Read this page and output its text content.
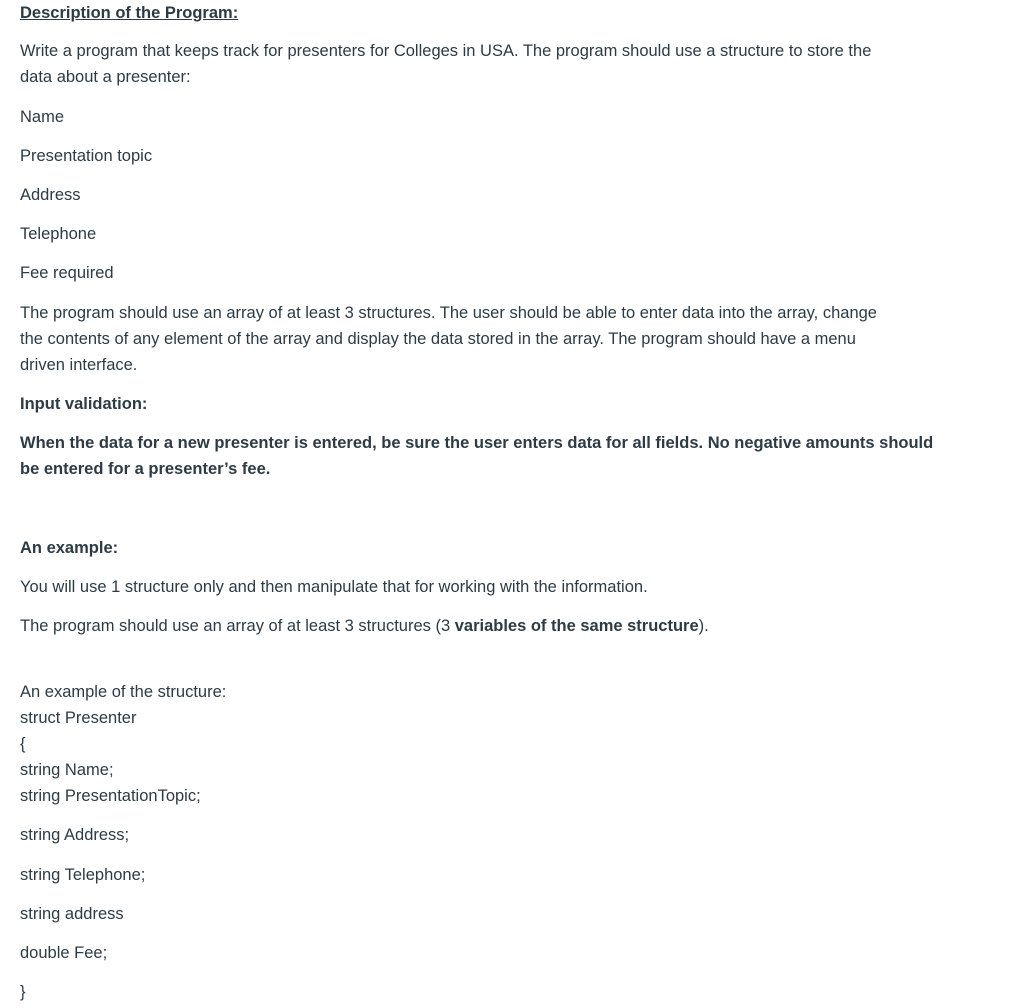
Description of the Program:

Write a program that keeps track for presenters for Colleges in USA. The program should use a structure to store the

data about a presenter:

Name

Presentation topic

Address

Telephone

Fee required

The program should use an array of at least 3 structures. The user should be able to enter data into the array, change

the contents of any element of the array and display the data stored in the array. The program should have a menu

driven interface.

Input validation:

When the data for a new presenter is entered, be sure the user enters data for all fields. No negative amounts should

be entered for a presenter’s fee.

An example:

You will use 1 structure only and then manipulate that for working with the information.

The program should use an array of at least 3 structures (3 variables of the same structure).

An example of the structure:

struct Presenter

{

string Name;

string PresentationTopic;

string Address;

string Telephone;

string address

double Fee;

}
